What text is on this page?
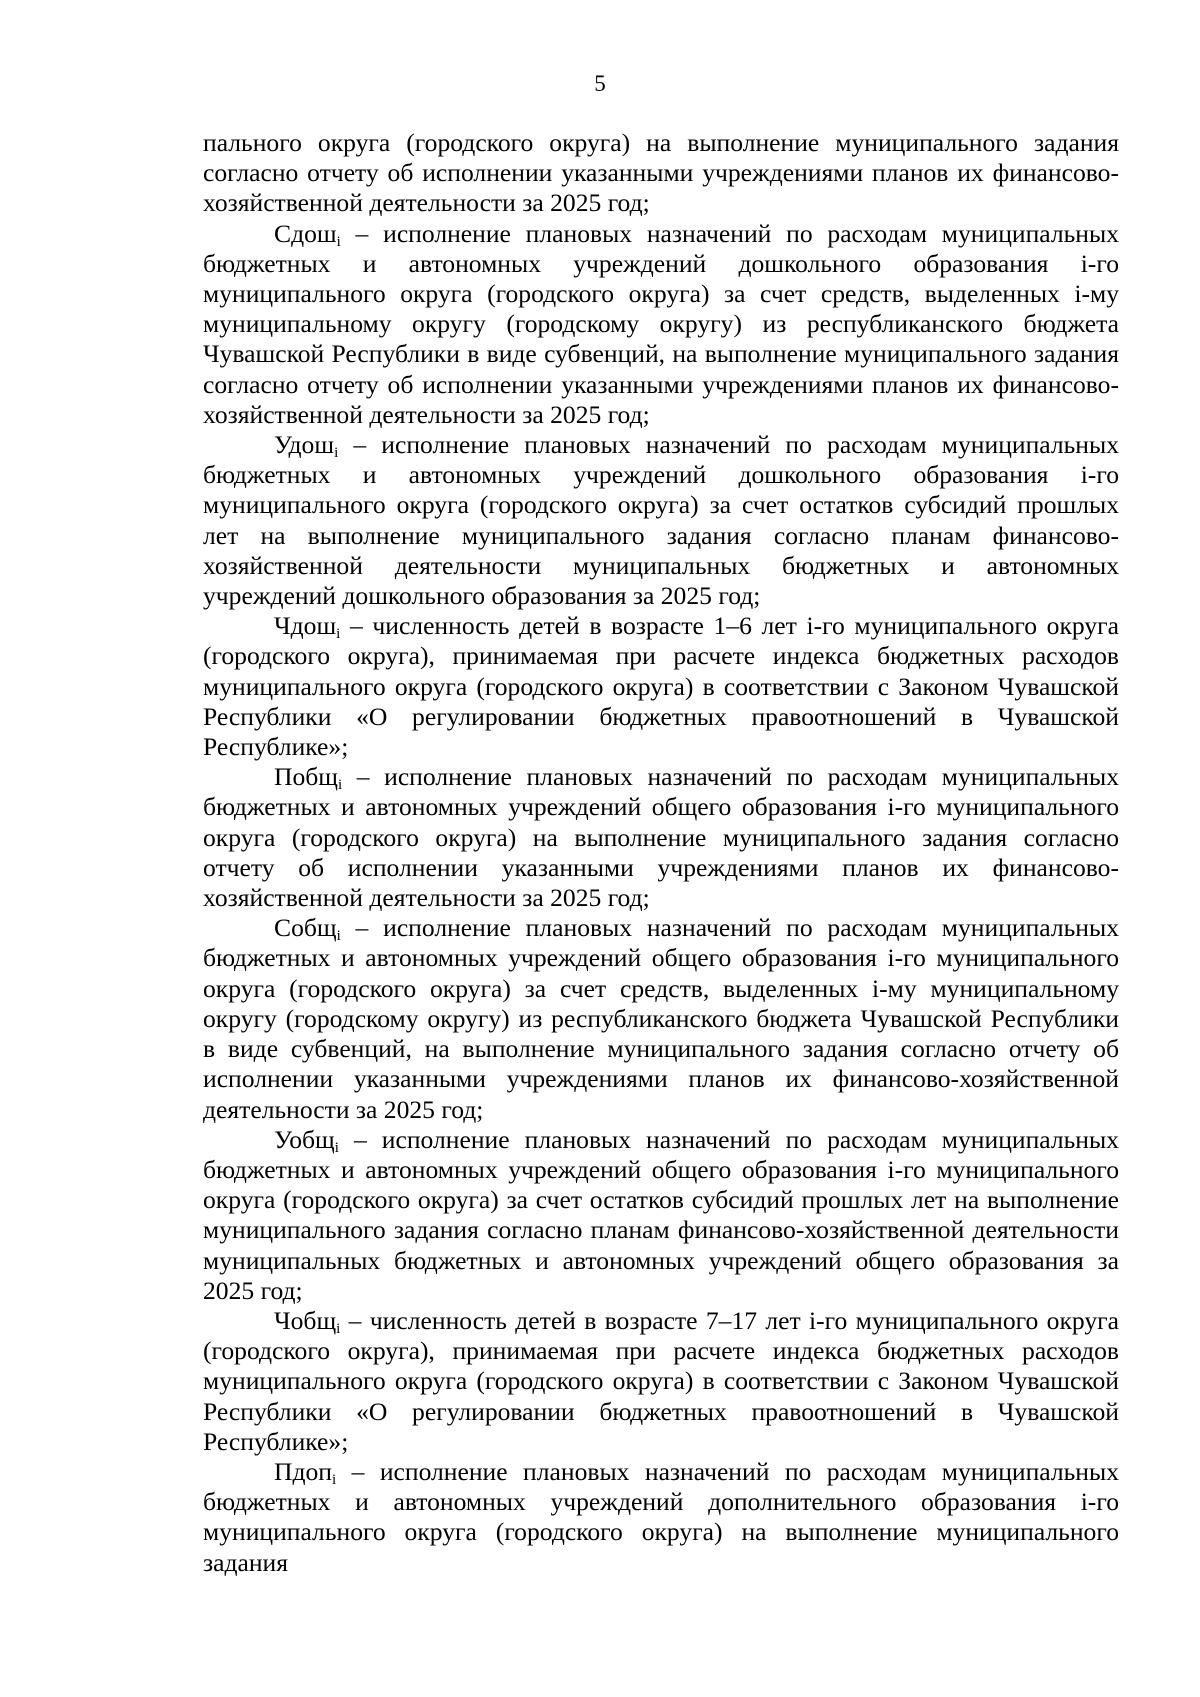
5

пального округа (городского округа) на выполнение муниципального задания согласно отчету об исполнении указанными учреждениями планов их финансово-хозяйственной деятельности за 2025 год;

Сдош$_i$ – исполнение плановых назначений по расходам муниципальных бюджетных и автономных учреждений дошкольного образования i-го муниципального округа (городского округа) за счет средств, выделенных i-му муниципальному округу (городскому округу) из республиканского бюджета Чувашской Республики в виде субвенций, на выполнение муниципального задания согласно отчету об исполнении указанными учреждениями планов их финансово-хозяйственной деятельности за 2025 год;

Удош$_i$ – исполнение плановых назначений по расходам муниципальных бюджетных и автономных учреждений дошкольного образования i-го муниципального округа (городского округа) за счет остатков субсидий прошлых лет на выполнение муниципального задания согласно планам финансово-хозяйственной деятельности муниципальных бюджетных и автономных учреждений дошкольного образования за 2025 год;

Чдош$_i$ – численность детей в возрасте 1–6 лет i-го муниципального округа (городского округа), принимаемая при расчете индекса бюджетных расходов муниципального округа (городского округа) в соответствии с Законом Чувашской Республики «О регулировании бюджетных правоотношений в Чувашской Республике»;

Побщ$_i$ – исполнение плановых назначений по расходам муниципальных бюджетных и автономных учреждений общего образования i-го муниципального округа (городского округа) на выполнение муниципального задания согласно отчету об исполнении указанными учреждениями планов их финансово-хозяйственной деятельности за 2025 год;

Собщ$_i$ – исполнение плановых назначений по расходам муниципальных бюджетных и автономных учреждений общего образования i-го муниципального округа (городского округа) за счет средств, выделенных i-му муниципальному округу (городскому округу) из республиканского бюджета Чувашской Республики в виде субвенций, на выполнение муниципального задания согласно отчету об исполнении указанными учреждениями планов их финансово-хозяйственной деятельности за 2025 год;

Уобщ$_i$ – исполнение плановых назначений по расходам муниципальных бюджетных и автономных учреждений общего образования i-го муниципального округа (городского округа) за счет остатков субсидий прошлых лет на выполнение муниципального задания согласно планам финансово-хозяйственной деятельности муниципальных бюджетных и автономных учреждений общего образования за 2025 год;

Чобщ$_i$ – численность детей в возрасте 7–17 лет i-го муниципального округа (городского округа), принимаемая при расчете индекса бюджетных расходов муниципального округа (городского округа) в соответствии с Законом Чувашской Республики «О регулировании бюджетных правоотношений в Чувашской Республике»;

Пдоп$_i$ – исполнение плановых назначений по расходам муниципальных бюджетных и автономных учреждений дополнительного образования i-го муниципального округа (городского округа) на выполнение муниципального задания
